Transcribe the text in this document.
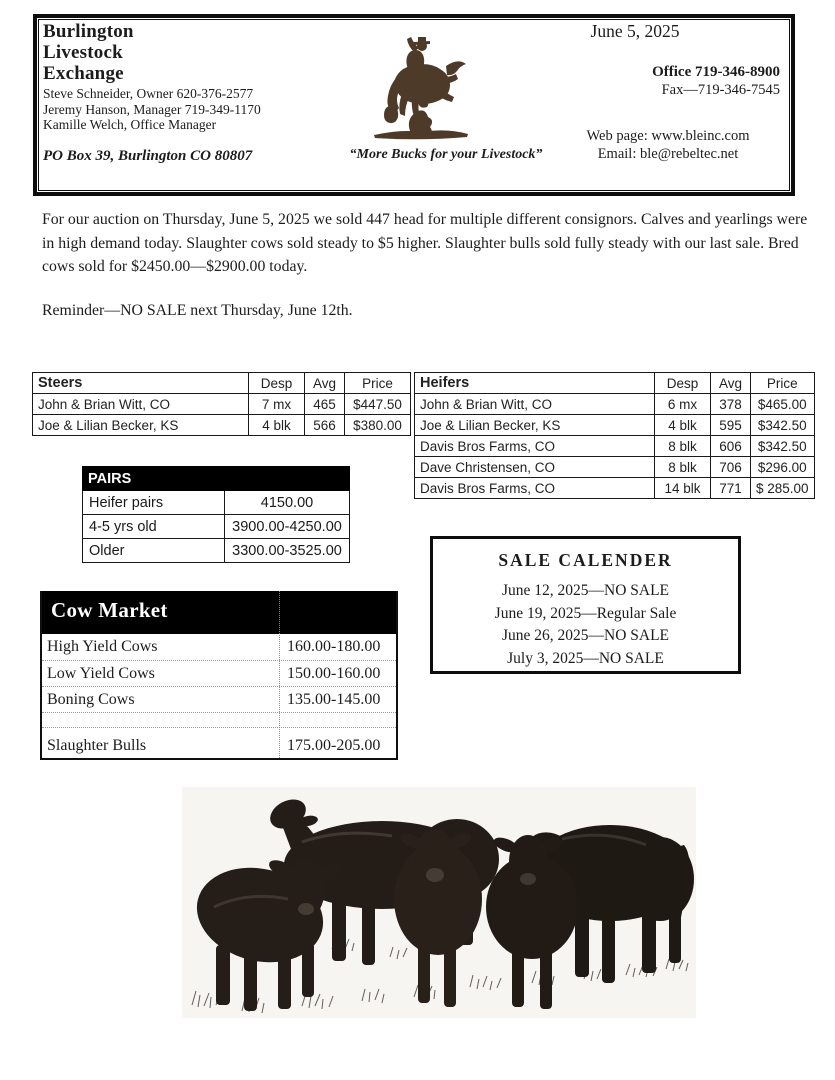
Burlington
Livestock
Exchange
Steve Schneider, Owner 620-376-2577
Jeremy Hanson, Manager 719-349-1170
Kamille Welch, Office Manager
PO Box 39, Burlington CO 80807	“More Bucks for your Livestock”
June 5, 2025
Office 719-346-8900
Fax—719-346-7545
Web page: www.bleinc.com
Email: ble@rebeltec.net
For our auction on Thursday, June 5, 2025 we sold 447 head for multiple different consignors. Calves and yearlings were in high demand today. Slaughter cows sold steady to $5 higher. Slaughter bulls sold fully steady with our last sale. Bred cows sold for $2450.00—$2900.00 today.
Reminder—NO SALE next Thursday, June 12th.
Steers	Desp	Avg	Price
John & Brian Witt, CO	7 mx	465	$447.50
Joe & Lilian Becker, KS	4 blk	566	$380.00
Heifers	Desp	Avg	Price
John & Brian Witt, CO	6 mx	378	$465.00
Joe & Lilian Becker, KS	4 blk	595	$342.50
Davis Bros Farms, CO	8 blk	606	$342.50
Dave Christensen, CO	8 blk	706	$296.00
Davis Bros Farms, CO	14 blk	771	$ 285.00
PAIRS	
Heifer pairs	4150.00
4-5 yrs old	3900.00-4250.00
Older	3300.00-3525.00
Cow Market
High Yield Cows	160.00-180.00
Low Yield Cows	150.00-160.00
Boning Cows	135.00-145.00
Slaughter Bulls	175.00-205.00
SALE CALENDER
June 12, 2025—NO SALE
June 19, 2025—Regular Sale
June 26, 2025—NO SALE
July 3, 2025—NO SALE
